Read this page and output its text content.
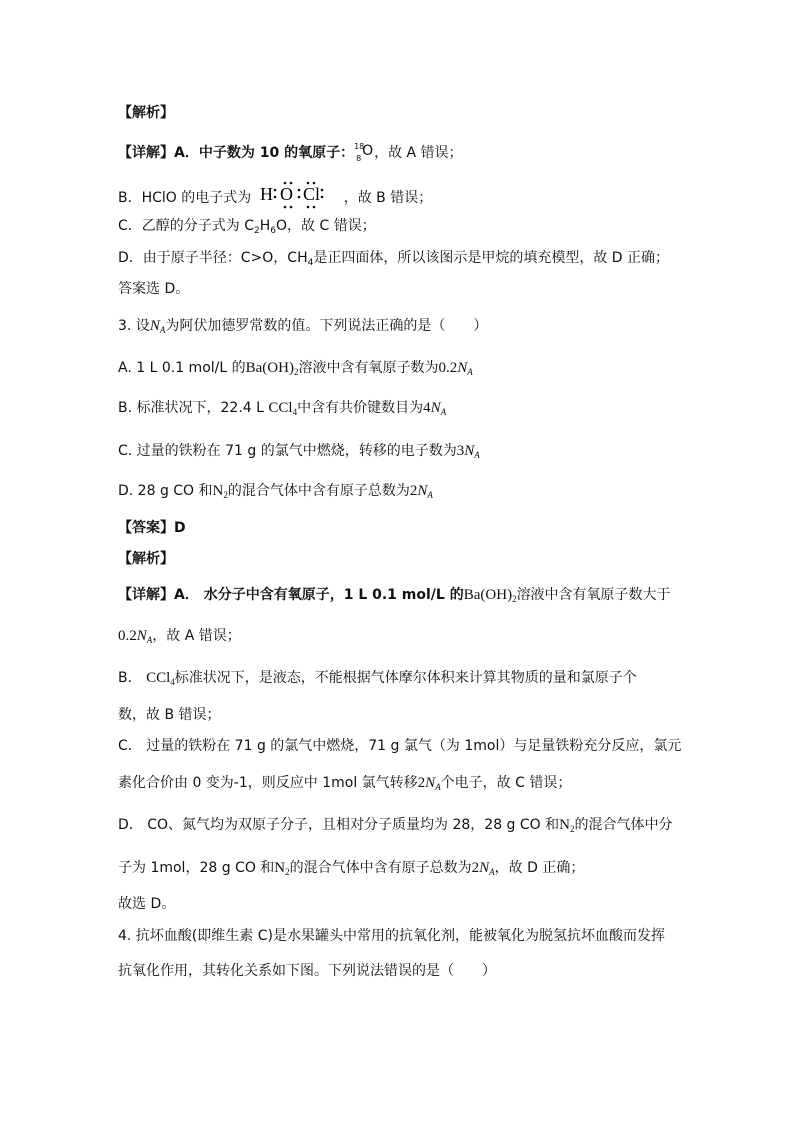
【解析】
【详解】A．中子数为 10 的氧原子： 18
8 O ，故 A 错误；
B．HClO 的电子式为 H O Cl ，故 B 错误；
C．乙醇的分子式为 $C_2H_6O$，故 C 错误；
D．由于原子半径：C>O，$CH_4$是正四面体，所以该图示是甲烷的填充模型，故 D 正确；
答案选 D。
3. 设$N_A$为阿伏加德罗常数的值。下列说法正确的是（　　）
A. 1 L 0.1 mol/L 的$Ba(OH)_2$溶液中含有氧原子数为$0.2N_A$
B. 标准状况下，22.4 L CCl$_4$中含有共价键数目为$4N_A$
C. 过量的铁粉在 71 g 的氯气中燃烧，转移的电子数为$3N_A$
D. 28 g CO 和$N_2$的混合气体中含有原子总数为$2N_A$
【答案】D
【解析】
【详解】A． 水分子中含有氧原子，1 L 0.1 mol/L 的$Ba(OH)_2$溶液中含有氧原子数大于
$0.2N_A$，故 A 错误；
B． CCl$_4$标准状况下，是液态，不能根据气体摩尔体积来计算其物质的量和氯原子个
数，故 B 错误；
C． 过量的铁粉在 71 g 的氯气中燃烧，71 g 氯气（为 1mol）与足量铁粉充分反应，氯元
素化合价由 0 变为-1，则反应中 1mol 氯气转移$2N_A$个电子，故 C 错误；
D． CO、氮气均为双原子分子，且相对分子质量均为 28，28 g CO 和$N_2$的混合气体中分
子为 1mol，28 g CO 和$N_2$的混合气体中含有原子总数为$2N_A$，故 D 正确；
故选 D。
4. 抗坏血酸(即维生素 C)是水果罐头中常用的抗氧化剂，能被氧化为脱氢抗坏血酸而发挥
抗氧化作用，其转化关系如下图。下列说法错误的是（　　）
